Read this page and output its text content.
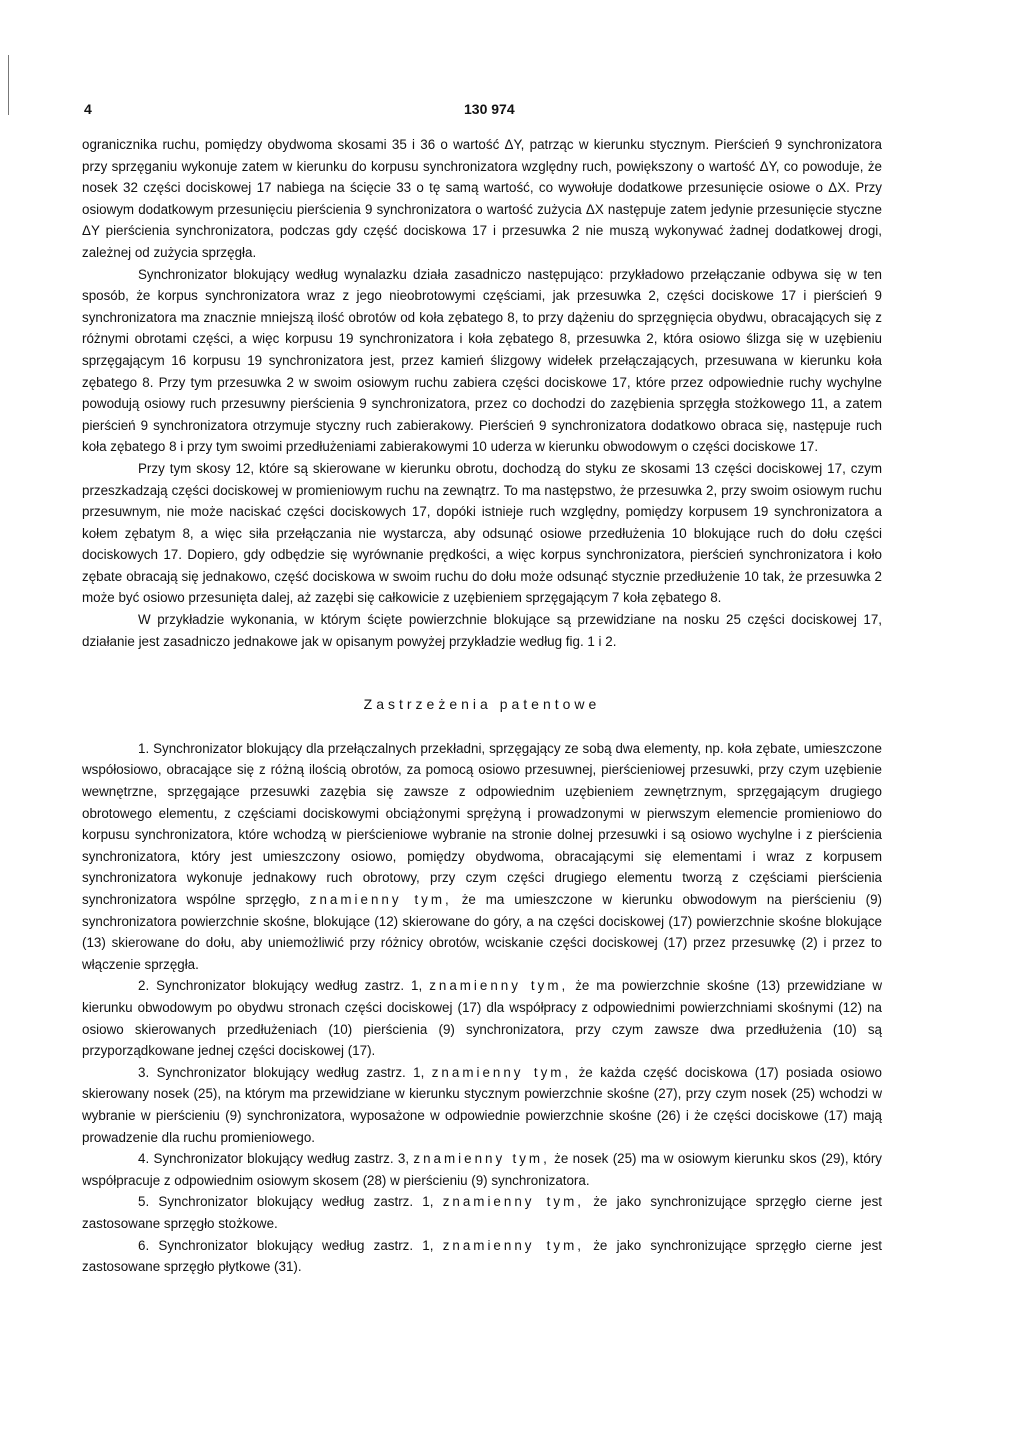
4	130 974

ogranicznika ruchu, pomiędzy obydwoma skosami 35 i 36 o wartość ΔY, patrząc w kierunku stycznym. Pierścień 9 synchronizatora przy sprzęganiu wykonuje zatem w kierunku do korpusu synchronizatora względny ruch, powiększony o wartość ΔY, co powoduje, że nosek 32 części dociskowej 17 nabiega na ścięcie 33 o tę samą wartość, co wywołuje dodatkowe przesunięcie osiowe o ΔX. Przy osiowym dodatkowym przesunięciu pierścienia 9 synchronizatora o wartość zużycia ΔX następuje zatem jedynie przesunięcie styczne ΔY pierścienia synchronizatora, podczas gdy część dociskowa 17 i przesuwka 2 nie muszą wykonywać żadnej dodatkowej drogi, zależnej od zużycia sprzęgła.

Synchronizator blokujący według wynalazku działa zasadniczo następująco: przykładowo przełączanie odbywa się w ten sposób, że korpus synchronizatora wraz z jego nieobrotowymi częściami, jak przesuwka 2, części dociskowe 17 i pierścień 9 synchronizatora ma znacznie mniejszą ilość obrotów od koła zębatego 8, to przy dążeniu do sprzęgnięcia obydwu, obracających się z różnymi obrotami części, a więc korpusu 19 synchronizatora i koła zębatego 8, przesuwka 2, która osiowo ślizga się w uzębieniu sprzęgającym 16 korpusu 19 synchronizatora jest, przez kamień ślizgowy widełek przełączających, przesuwana w kierunku koła zębatego 8. Przy tym przesuwka 2 w swoim osiowym ruchu zabiera części dociskowe 17, które przez odpowiednie ruchy wychylne powodują osiowy ruch przesuwny pierścienia 9 synchronizatora, przez co dochodzi do zazębienia sprzęgła stożkowego 11, a zatem pierścień 9 synchronizatora otrzymuje styczny ruch zabierakowy. Pierścień 9 synchronizatora dodatkowo obraca się, następuje ruch koła zębatego 8 i przy tym swoimi przedłużeniami zabierakowymi 10 uderza w kierunku obwodowym o części dociskowe 17.

Przy tym skosy 12, które są skierowane w kierunku obrotu, dochodzą do styku ze skosami 13 części dociskowej 17, czym przeszkadzają części dociskowej w promieniowym ruchu na zewnątrz. To ma następstwo, że przesuwka 2, przy swoim osiowym ruchu przesuwnym, nie może naciskać części dociskowych 17, dopóki istnieje ruch względny, pomiędzy korpusem 19 synchronizatora a kołem zębatym 8, a więc siła przełączania nie wystarcza, aby odsunąć osiowe przedłużenia 10 blokujące ruch do dołu części dociskowych 17. Dopiero, gdy odbędzie się wyrównanie prędkości, a więc korpus synchronizatora, pierścień synchronizatora i koło zębate obracają się jednakowo, część dociskowa w swoim ruchu do dołu może odsunąć stycznie przedłużenie 10 tak, że przesuwka 2 może być osiowo przesunięta dalej, aż zazębi się całkowicie z uzębieniem sprzęgającym 7 koła zębatego 8.

W przykładzie wykonania, w którym ścięte powierzchnie blokujące są przewidziane na nosku 25 części dociskowej 17, działanie jest zasadniczo jednakowe jak w opisanym powyżej przykładzie według fig. 1 i 2.

Zastrzeżenia patentowe

1. Synchronizator blokujący dla przełączalnych przekładni, sprzęgający ze sobą dwa elementy, np. koła zębate, umieszczone współosiowo, obracające się z różną ilością obrotów, za pomocą osiowo przesuwnej, pierścieniowej przesuwki, przy czym uzębienie wewnętrzne, sprzęgające przesuwki zazębia się zawsze z odpowiednim uzębieniem zewnętrznym, sprzęgającym drugiego obrotowego elementu, z częściami dociskowymi obciążonymi sprężyną i prowadzonymi w pierwszym elemencie promieniowo do korpusu synchronizatora, które wchodzą w pierścieniowe wybranie na stronie dolnej przesuwki i są osiowo wychylne i z pierścienia synchronizatora, który jest umieszczony osiowo, pomiędzy obydwoma, obracającymi się elementami i wraz z korpusem synchronizatora wykonuje jednakowy ruch obrotowy, przy czym części drugiego elementu tworzą z częściami pierścienia synchronizatora wspólne sprzęgło, znamienny tym, że ma umieszczone w kierunku obwodowym na pierścieniu (9) synchronizatora powierzchnie skośne, blokujące (12) skierowane do góry, a na części dociskowej (17) powierzchnie skośne blokujące (13) skierowane do dołu, aby uniemożliwić przy różnicy obrotów, wciskanie części dociskowej (17) przez przesuwkę (2) i przez to włączenie sprzęgła.

2. Synchronizator blokujący według zastrz. 1, znamienny tym, że ma powierzchnie skośne (13) przewidziane w kierunku obwodowym po obydwu stronach części dociskowej (17) dla współpracy z odpowiednimi powierzchniami skośnymi (12) na osiowo skierowanych przedłużeniach (10) pierścienia (9) synchronizatora, przy czym zawsze dwa przedłużenia (10) są przyporządkowane jednej części dociskowej (17).

3. Synchronizator blokujący według zastrz. 1, znamienny tym, że każda część dociskowa (17) posiada osiowo skierowany nosek (25), na którym ma przewidziane w kierunku stycznym powierzchnie skośne (27), przy czym nosek (25) wchodzi w wybranie w pierścieniu (9) synchronizatora, wyposażone w odpowiednie powierzchnie skośne (26) i że części dociskowe (17) mają prowadzenie dla ruchu promieniowego.

4. Synchronizator blokujący według zastrz. 3, znamienny tym, że nosek (25) ma w osiowym kierunku skos (29), który współpracuje z odpowiednim osiowym skosem (28) w pierścieniu (9) synchronizatora.

5. Synchronizator blokujący według zastrz. 1, znamienny tym, że jako synchronizujące sprzęgło cierne jest zastosowane sprzęgło stożkowe.

6. Synchronizator blokujący według zastrz. 1, znamienny tym, że jako synchronizujące sprzęgło cierne jest zastosowane sprzęgło płytkowe (31).
